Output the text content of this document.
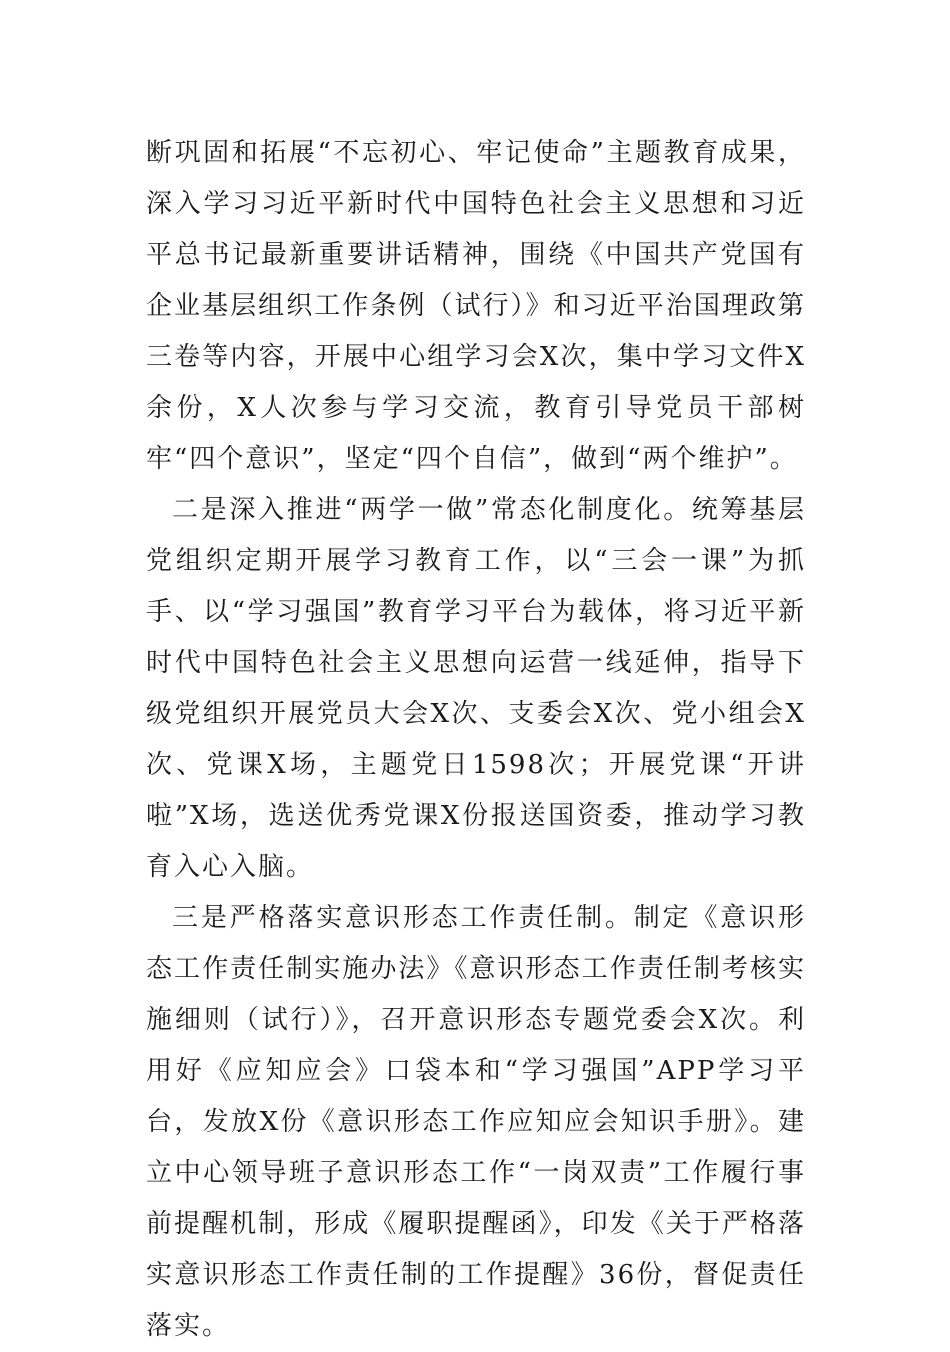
断巩固和拓展“不忘初心、牢记使命”主题教育成果，深入学习习近平新时代中国特色社会主义思想和习近平总书记最新重要讲话精神，围绕《中国共产党国有企业基层组织工作条例（试行）》和习近平治国理政第三卷等内容，开展中心组学习会X次，集中学习文件X余份，X人次参与学习交流，教育引导党员干部树牢“四个意识”，坚定“四个自信”，做到“两个维护”。

二是深入推进“两学一做”常态化制度化。统筹基层党组织定期开展学习教育工作，以“三会一课”为抓手、以“学习强国”教育学习平台为载体，将习近平新时代中国特色社会主义思想向运营一线延伸，指导下级党组织开展党员大会X次、支委会X次、党小组会X次、党课X场，主题党日1598次；开展党课“开讲啦”X场，选送优秀党课X份报送国资委，推动学习教育入心入脑。

三是严格落实意识形态工作责任制。制定《意识形态工作责任制实施办法》《意识形态工作责任制考核实施细则（试行）》，召开意识形态专题党委会X次。利用好《应知应会》口袋本和“学习强国”APP学习平台，发放X份《意识形态工作应知应会知识手册》。建立中心领导班子意识形态工作“一岗双责”工作履行事前提醒机制，形成《履职提醒函》，印发《关于严格落实意识形态工作责任制的工作提醒》36份，督促责任落实。
